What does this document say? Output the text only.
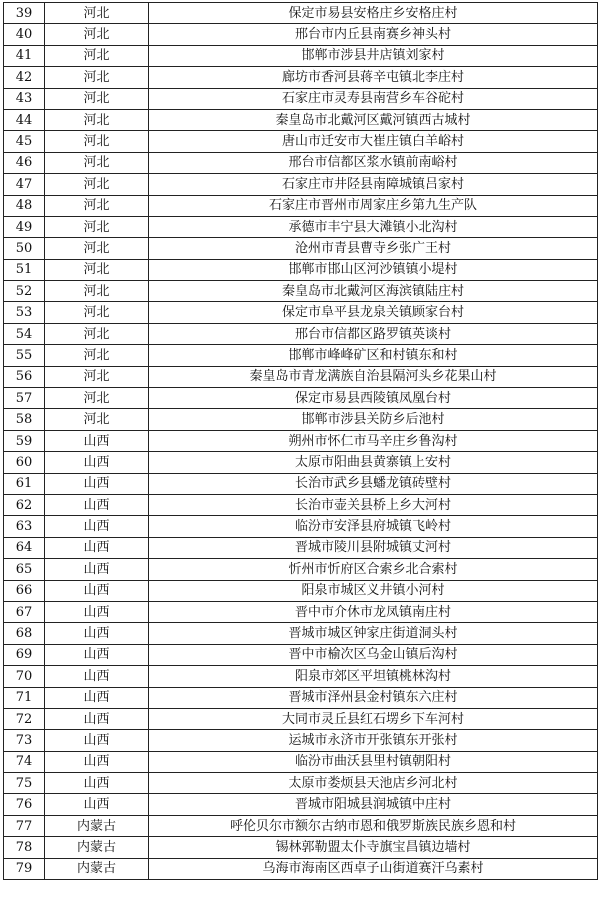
39	河北	保定市易县安格庄乡安格庄村
40	河北	邢台市内丘县南赛乡神头村
41	河北	邯郸市涉县井店镇刘家村
42	河北	廊坊市香河县蒋辛屯镇北李庄村
43	河北	石家庄市灵寿县南营乡车谷砣村
44	河北	秦皇岛市北戴河区戴河镇西古城村
45	河北	唐山市迁安市大崔庄镇白羊峪村
46	河北	邢台市信都区浆水镇前南峪村
47	河北	石家庄市井陉县南障城镇吕家村
48	河北	石家庄市晋州市周家庄乡第九生产队
49	河北	承德市丰宁县大滩镇小北沟村
50	河北	沧州市青县曹寺乡张广王村
51	河北	邯郸市邯山区河沙镇镇小堤村
52	河北	秦皇岛市北戴河区海滨镇陆庄村
53	河北	保定市阜平县龙泉关镇顾家台村
54	河北	邢台市信都区路罗镇英谈村
55	河北	邯郸市峰峰矿区和村镇东和村
56	河北	秦皇岛市青龙满族自治县隔河头乡花果山村
57	河北	保定市易县西陵镇凤凰台村
58	河北	邯郸市涉县关防乡后池村
59	山西	朔州市怀仁市马辛庄乡鲁沟村
60	山西	太原市阳曲县黄寨镇上安村
61	山西	长治市武乡县蟠龙镇砖壁村
62	山西	长治市壶关县桥上乡大河村
63	山西	临汾市安泽县府城镇飞岭村
64	山西	晋城市陵川县附城镇丈河村
65	山西	忻州市忻府区合索乡北合索村
66	山西	阳泉市城区义井镇小河村
67	山西	晋中市介休市龙凤镇南庄村
68	山西	晋城市城区钟家庄街道洞头村
69	山西	晋中市榆次区乌金山镇后沟村
70	山西	阳泉市郊区平坦镇桃林沟村
71	山西	晋城市泽州县金村镇东六庄村
72	山西	大同市灵丘县红石塄乡下车河村
73	山西	运城市永济市开张镇东开张村
74	山西	临汾市曲沃县里村镇朝阳村
75	山西	太原市娄烦县天池店乡河北村
76	山西	晋城市阳城县润城镇中庄村
77	内蒙古	呼伦贝尔市额尔古纳市恩和俄罗斯族民族乡恩和村
78	内蒙古	锡林郭勒盟太仆寺旗宝昌镇边墙村
79	内蒙古	乌海市海南区西卓子山街道赛汗乌素村
